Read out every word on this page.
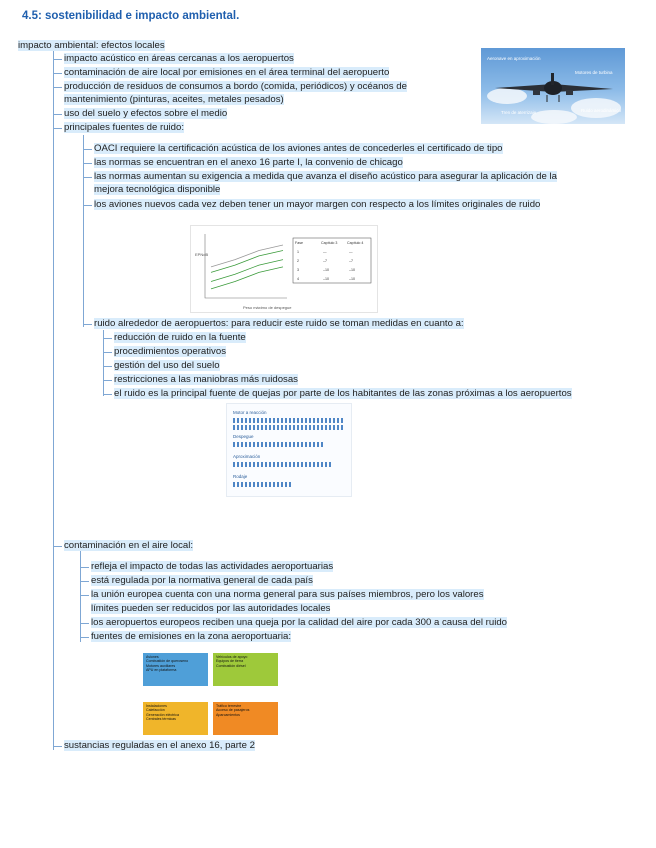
4.5: sostenibilidad e impacto ambiental.
impacto ambiental: efectos locales
impacto acústico en áreas cercanas a los aeropuertos
contaminación de aire local por emisiones en el área terminal del aeropuerto
producción de residuos de consumos a bordo (comida, periódicos) y océanos de
mantenimiento (pinturas, aceites, metales pesados)
uso del suelo y efectos sobre el medio
principales fuentes de ruido:
Aeronave en aproximación
Motores de turbina
Tren de aterrizaje	Ruido aerodinámico
OACI requiere la certificación acústica de los aviones antes de concederles el certificado de tipo
las normas se encuentran en el anexo 16 parte I, la convenio de chicago
las normas aumentan su exigencia a medida que avanza el diseño acústico para asegurar la aplicación de la
mejora tecnológica disponible
los aviones nuevos cada vez deben tener un mayor margen con respecto a los límites originales de ruido
Peso máximo de despegue
EPNdB
Fase	Capítulo 3	Capítulo 4
1	—	—
2	–7	–7
3	–10	–10
4	–10	–10
ruido alrededor de aeropuertos: para reducir este ruido se toman medidas en cuanto a:
reducción de ruido en la fuente
procedimientos operativos
gestión del uso del suelo
restricciones a las maniobras más ruidosas
el ruido es la principal fuente de quejas por parte de los habitantes de las zonas próximas a los aeropuertos
Motor a reacción
Despegue
Aproximación
Rodaje
contaminación en el aire local:
refleja el impacto de todas las actividades aeroportuarias
está regulada por la normativa general de cada país
la unión europea cuenta con una norma general para sus países miembros, pero los valores
límites pueden ser reducidos por las autoridades locales
los aeropuertos europeos reciben una queja por la calidad del aire por cada 300 a causa del ruido
fuentes de emisiones en la zona aeroportuaria:
Aviones
Combustión de queroseno
Motores auxiliares
APU en plataforma
Vehículos de apoyo
Equipos de tierra
Combustión diésel
Instalaciones
Calefacción
Generación eléctrica
Centrales térmicas
Tráfico terrestre
Acceso de pasajeros
Aparcamientos
sustancias reguladas en el anexo 16, parte 2
